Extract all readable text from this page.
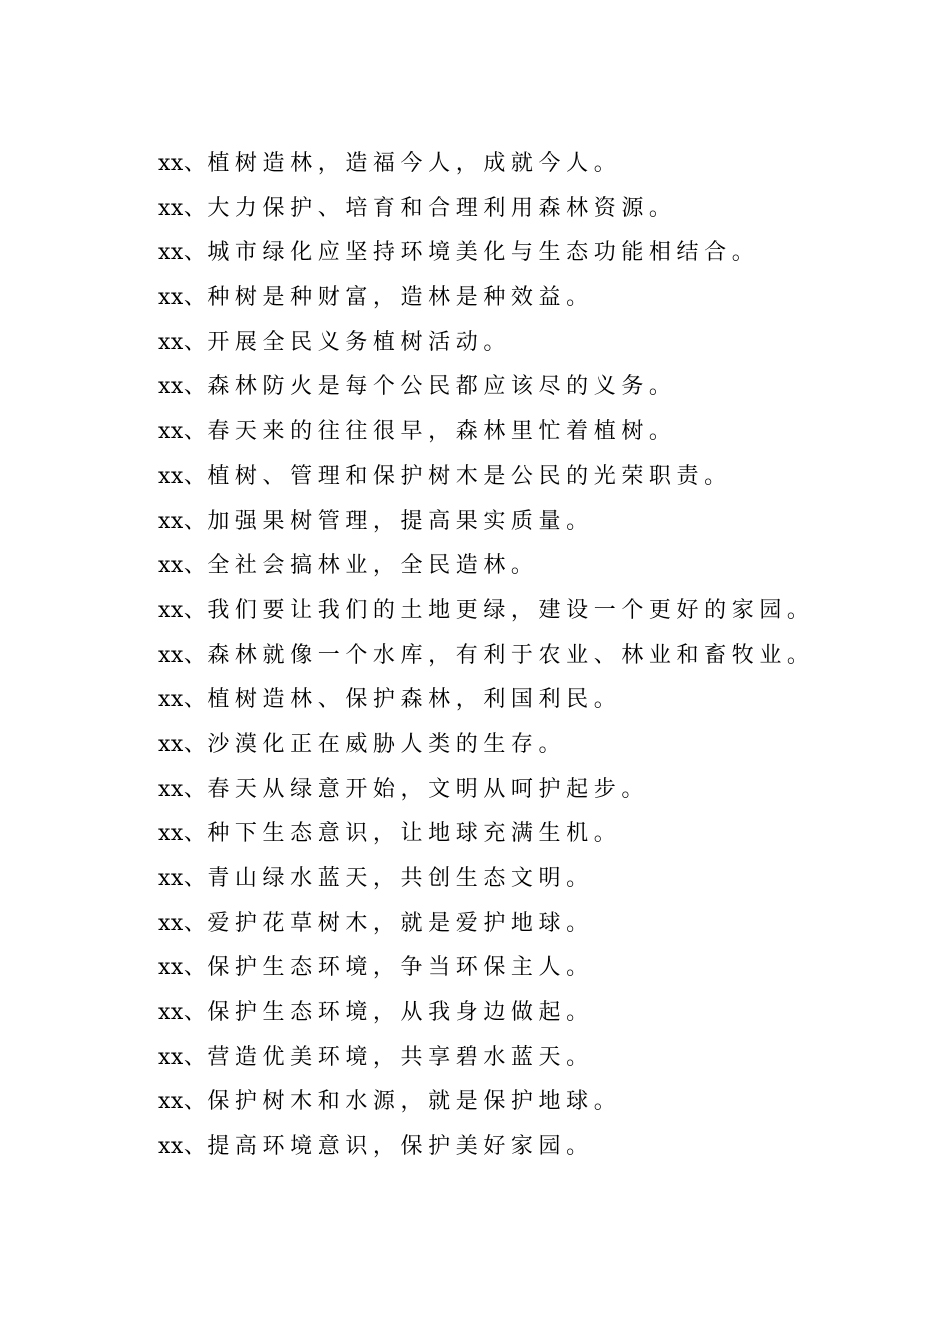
xx、植树造林，造福今人，成就今人。
xx、大力保护、培育和合理利用森林资源。
xx、城市绿化应坚持环境美化与生态功能相结合。
xx、种树是种财富，造林是种效益。
xx、开展全民义务植树活动。
xx、森林防火是每个公民都应该尽的义务。
xx、春天来的往往很早，森林里忙着植树。
xx、植树、管理和保护树木是公民的光荣职责。
xx、加强果树管理，提高果实质量。
xx、全社会搞林业，全民造林。
xx、我们要让我们的土地更绿，建设一个更好的家园。
xx、森林就像一个水库，有利于农业、林业和畜牧业。
xx、植树造林、保护森林，利国利民。
xx、沙漠化正在威胁人类的生存。
xx、春天从绿意开始，文明从呵护起步。
xx、种下生态意识，让地球充满生机。
xx、青山绿水蓝天，共创生态文明。
xx、爱护花草树木，就是爱护地球。
xx、保护生态环境，争当环保主人。
xx、保护生态环境，从我身边做起。
xx、营造优美环境，共享碧水蓝天。
xx、保护树木和水源，就是保护地球。
xx、提高环境意识，保护美好家园。
